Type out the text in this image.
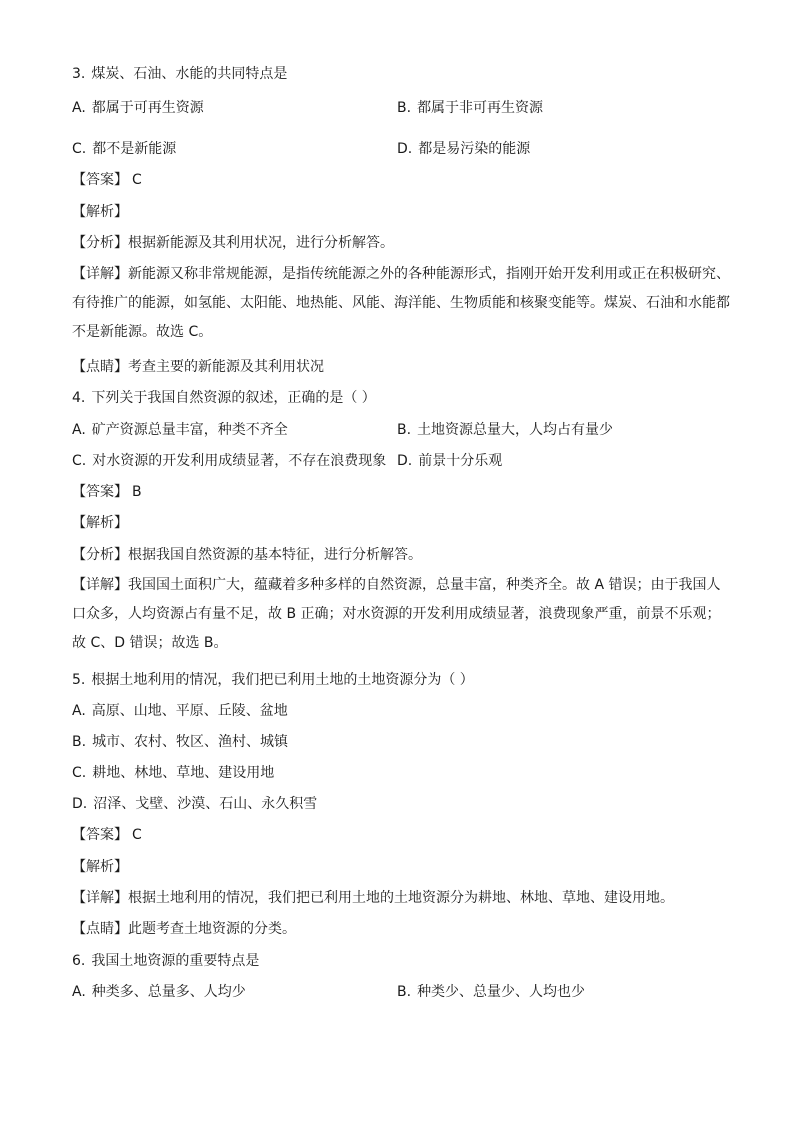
3. 煤炭、石油、水能的共同特点是
A. 都属于可再生资源	B. 都属于非可再生资源
C. 都不是新能源	D. 都是易污染的能源
【答案】 C
【解析】
【分析】根据新能源及其利用状况，进行分析解答。
【详解】新能源又称非常规能源，是指传统能源之外的各种能源形式，指刚开始开发利用或正在积极研究、有待推广的能源，如氢能、太阳能、地热能、风能、海洋能、生物质能和核聚变能等。煤炭、石油和水能都不是新能源。故选 C。
【点睛】考查主要的新能源及其利用状况
4. 下列关于我国自然资源的叙述，正确的是（ ）
A. 矿产资源总量丰富，种类不齐全	B. 土地资源总量大，人均占有量少
C. 对水资源的开发利用成绩显著，不存在浪费现象 D. 前景十分乐观
【答案】 B
【解析】
【分析】根据我国自然资源的基本特征，进行分析解答。
【详解】我国国土面积广大，蕴藏着多种多样的自然资源，总量丰富，种类齐全。故 A 错误；由于我国人口众多，人均资源占有量不足，故 B 正确；对水资源的开发利用成绩显著，浪费现象严重，前景不乐观；故 C、D 错误；故选 B。
5. 根据土地利用的情况，我们把已利用土地的土地资源分为（ ）
A. 高原、山地、平原、丘陵、盆地
B. 城市、农村、牧区、渔村、城镇
C. 耕地、林地、草地、建设用地
D. 沼泽、戈壁、沙漠、石山、永久积雪
【答案】 C
【解析】
【详解】根据土地利用的情况，我们把已利用土地的土地资源分为耕地、林地、草地、建设用地。
【点睛】此题考查土地资源的分类。
6. 我国土地资源的重要特点是
A. 种类多、总量多、人均少	B. 种类少、总量少、人均也少
